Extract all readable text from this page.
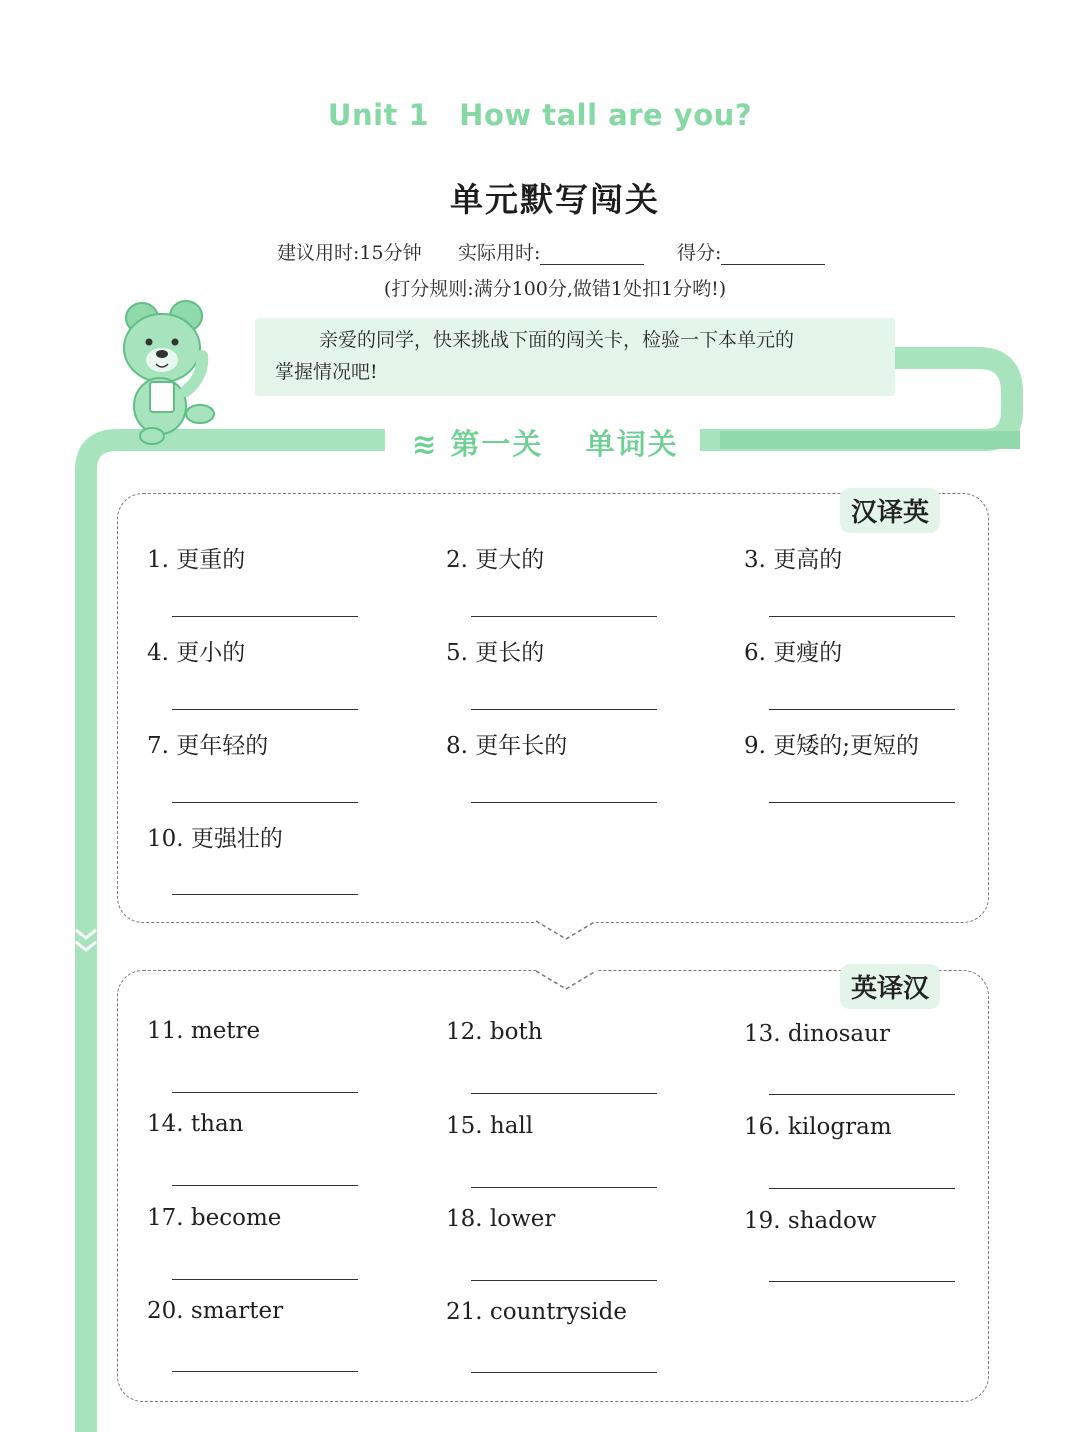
Unit 1 How tall are you?
单元默写闯关
建议用时:15分钟 实际用时:	得分:
(打分规则:满分100分,做错1处扣1分哟!)
亲爱的同学，快来挑战下面的闯关卡，检验一下本单元的
掌握情况吧!
≋ 第一关 单词关
汉译英
1. 更重的	2. 更大的	3. 更高的
4. 更小的	5. 更长的	6. 更瘦的
7. 更年轻的	8. 更年长的	9. 更矮的;更短的
10. 更强壮的
英译汉
11. metre	12. both	13. dinosaur
14. than	15. hall	16. kilogram
17. become	18. lower	19. shadow
20. smarter	21. countryside
